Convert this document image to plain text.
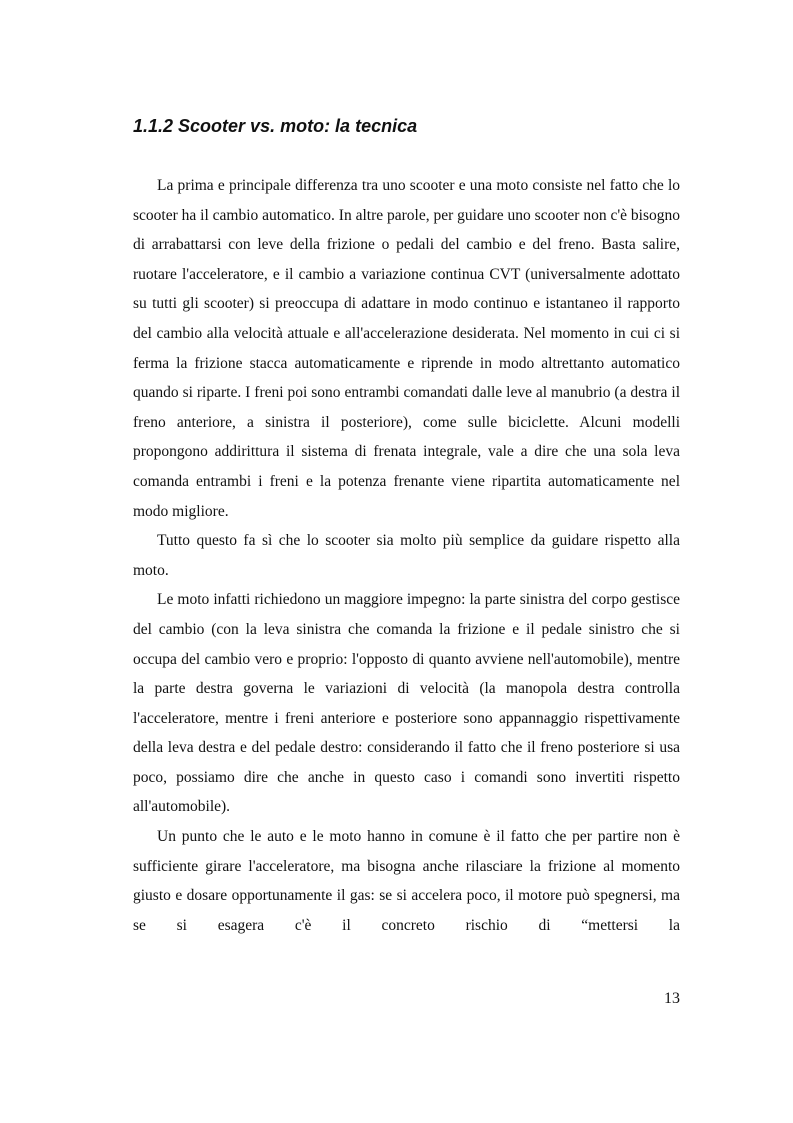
1.1.2 Scooter vs. moto: la tecnica

La prima e principale differenza tra uno scooter e una moto consiste nel fatto che lo scooter ha il cambio automatico. In altre parole, per guidare uno scooter non c'è bisogno di arrabattarsi con leve della frizione o pedali del cambio e del freno. Basta salire, ruotare l'acceleratore, e il cambio a variazione continua CVT (universalmente adottato su tutti gli scooter) si preoccupa di adattare in modo continuo e istantaneo il rapporto del cambio alla velocità attuale e all'accelerazione desiderata. Nel momento in cui ci si ferma la frizione stacca automaticamente e riprende in modo altrettanto automatico quando si riparte. I freni poi sono entrambi comandati dalle leve al manubrio (a destra il freno anteriore, a sinistra il posteriore), come sulle biciclette. Alcuni modelli propongono addirittura il sistema di frenata integrale, vale a dire che una sola leva comanda entrambi i freni e la potenza frenante viene ripartita automaticamente nel modo migliore.

Tutto questo fa sì che lo scooter sia molto più semplice da guidare rispetto alla moto.

Le moto infatti richiedono un maggiore impegno: la parte sinistra del corpo gestisce del cambio (con la leva sinistra che comanda la frizione e il pedale sinistro che si occupa del cambio vero e proprio: l'opposto di quanto avviene nell'automobile), mentre la parte destra governa le variazioni di velocità (la manopola destra controlla l'acceleratore, mentre i freni anteriore e posteriore sono appannaggio rispettivamente della leva destra e del pedale destro: considerando il fatto che il freno posteriore si usa poco, possiamo dire che anche in questo caso i comandi sono invertiti rispetto all'automobile).

Un punto che le auto e le moto hanno in comune è il fatto che per partire non è sufficiente girare l'acceleratore, ma bisogna anche rilasciare la frizione al momento giusto e dosare opportunamente il gas: se si accelera poco, il motore può spegnersi, ma se si esagera c'è il concreto rischio di “mettersi la

13
